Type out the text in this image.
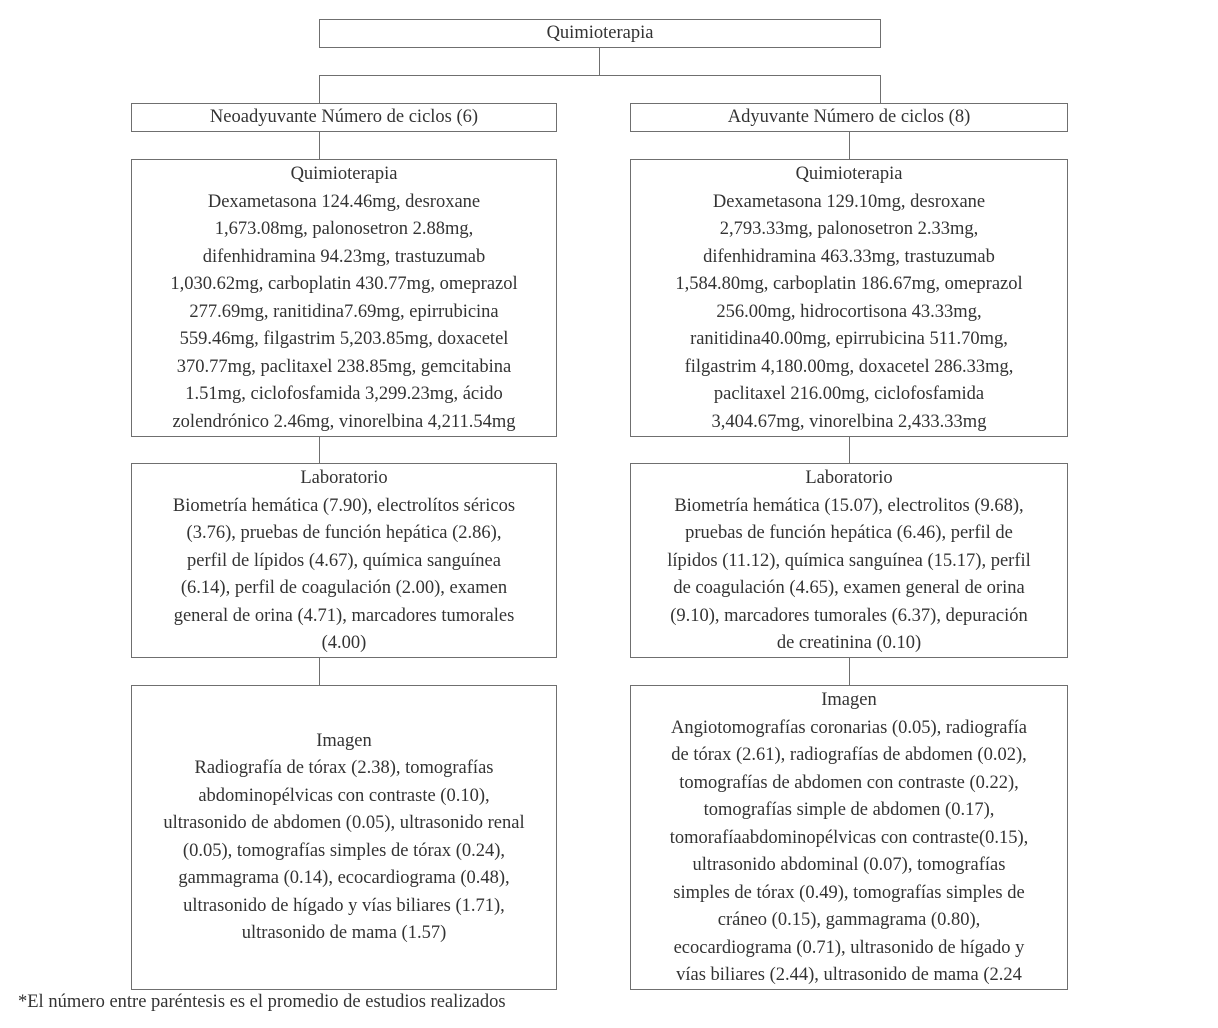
Quimioterapia
Neoadyuvante Número de ciclos (6)
Quimioterapia
Dexametasona 124.46mg, desroxane
1,673.08mg, palonosetron 2.88mg,
difenhidramina 94.23mg, trastuzumab
1,030.62mg, carboplatin 430.77mg, omeprazol
277.69mg, ranitidina7.69mg, epirrubicina
559.46mg, filgastrim 5,203.85mg, doxacetel
370.77mg, paclitaxel 238.85mg, gemcitabina
1.51mg, ciclofosfamida 3,299.23mg, ácido
zolendrónico 2.46mg, vinorelbina 4,211.54mg
Laboratorio
Biometría hemática (7.90), electrolítos séricos
(3.76), pruebas de función hepática (2.86),
perfil de lípidos (4.67), química sanguínea
(6.14), perfil de coagulación (2.00), examen
general de orina (4.71), marcadores tumorales
(4.00)
Imagen
Radiografía de tórax (2.38), tomografías
abdominopélvicas con contraste (0.10),
ultrasonido de abdomen (0.05), ultrasonido renal
(0.05), tomografías simples de tórax (0.24),
gammagrama (0.14), ecocardiograma (0.48),
ultrasonido de hígado y vías biliares (1.71),
ultrasonido de mama (1.57)
Adyuvante Número de ciclos (8)
Quimioterapia
Dexametasona 129.10mg, desroxane
2,793.33mg, palonosetron 2.33mg,
difenhidramina 463.33mg, trastuzumab
1,584.80mg, carboplatin 186.67mg, omeprazol
256.00mg, hidrocortisona 43.33mg,
ranitidina40.00mg, epirrubicina 511.70mg,
filgastrim 4,180.00mg, doxacetel 286.33mg,
paclitaxel 216.00mg, ciclofosfamida
3,404.67mg, vinorelbina 2,433.33mg
Laboratorio
Biometría hemática (15.07), electrolitos (9.68),
pruebas de función hepática (6.46), perfil de
lípidos (11.12), química sanguínea (15.17), perfil
de coagulación (4.65), examen general de orina
(9.10), marcadores tumorales (6.37), depuración
de creatinina (0.10)
Imagen
Angiotomografías coronarias (0.05), radiografía
de tórax (2.61), radiografías de abdomen (0.02),
tomografías de abdomen con contraste (0.22),
tomografías simple de abdomen (0.17),
tomorafíaabdominopélvicas con contraste(0.15),
ultrasonido abdominal (0.07), tomografías
simples de tórax (0.49), tomografías simples de
cráneo (0.15), gammagrama (0.80),
ecocardiograma (0.71), ultrasonido de hígado y
vías biliares (2.44), ultrasonido de mama (2.24
*El número entre paréntesis es el promedio de estudios realizados
